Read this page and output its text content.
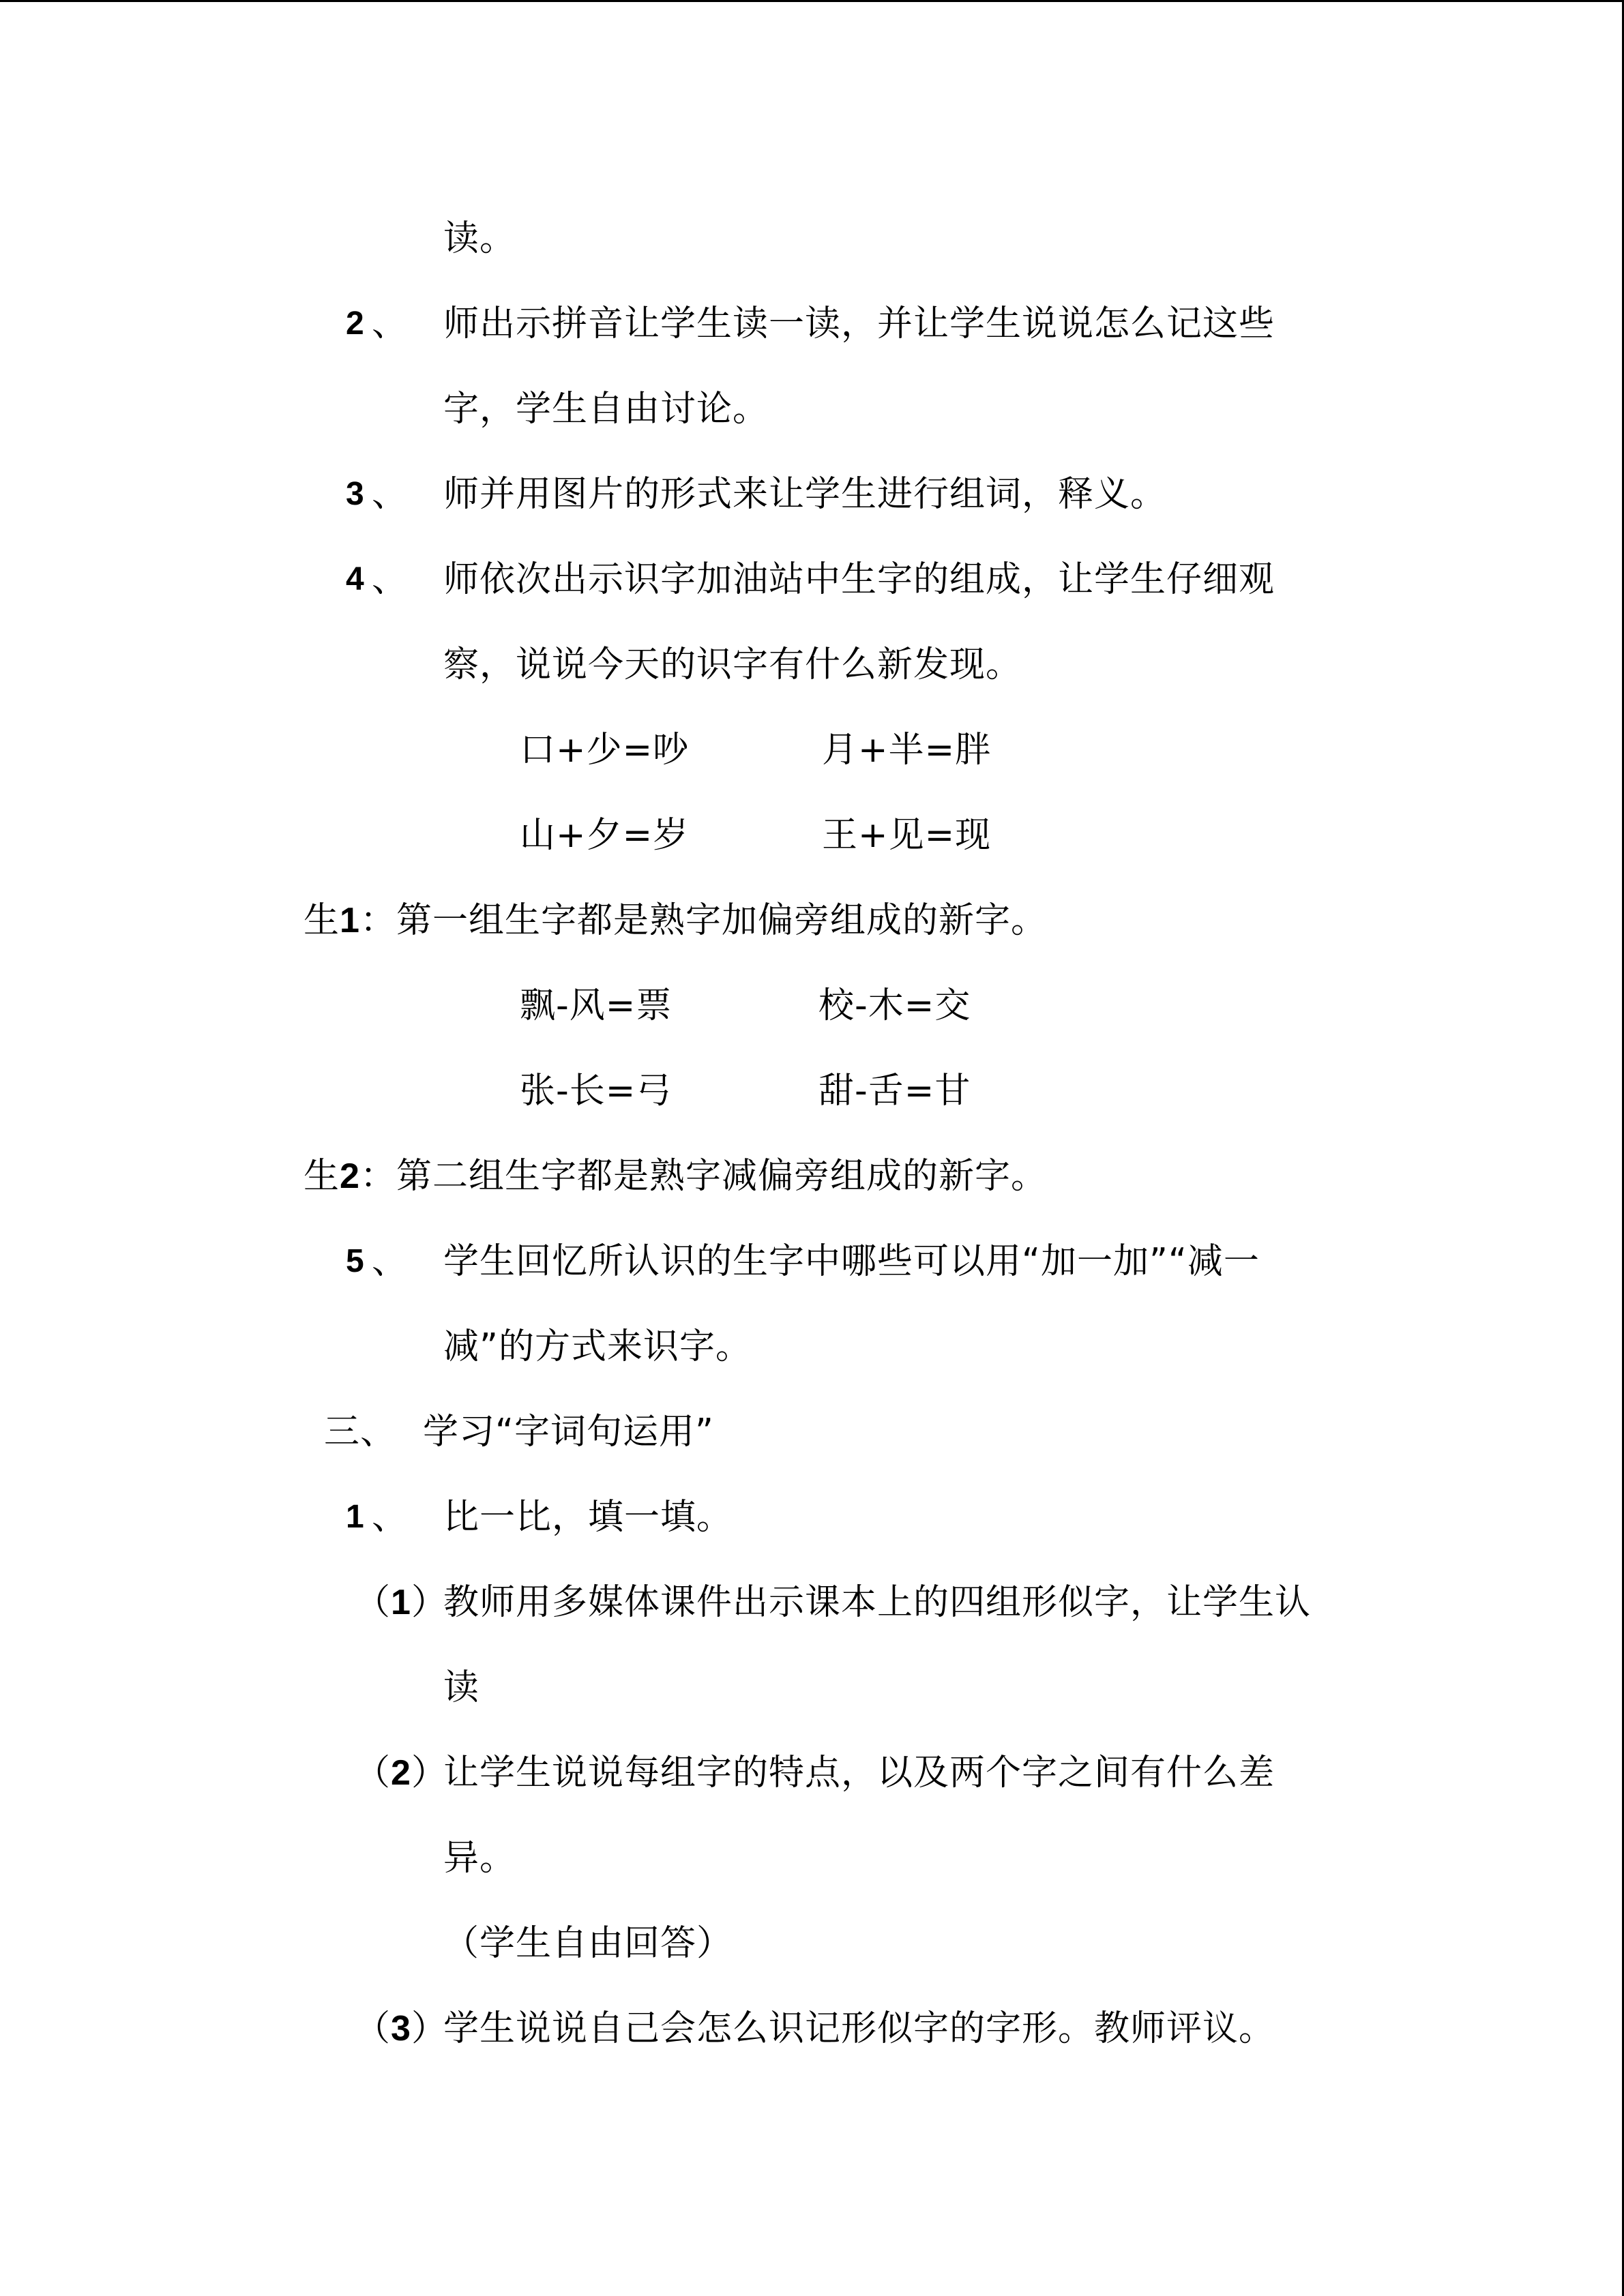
读。
2 、 师出示拼音让学生读一读，并让学生说说怎么记这些
字，学生自由讨论。
3 、 师并用图片的形式来让学生进行组词，释义。
4 、 师依次出示识字加油站中生字的组成，让学生仔细观
察，说说今天的识字有什么新发现。
口+少=吵	月+半=胖
山+夕=岁	王+见=现
生1：第一组生字都是熟字加偏旁组成的新字。
飘-风=票	校-木=交
张-长=弓	甜-舌=甘
生2：第二组生字都是熟字减偏旁组成的新字。
5 、 学生回忆所认识的生字中哪些可以用“加一加”“减一
减”的方式来识字。
三、 学习“字词句运用”
1 、 比一比，填一填。
（1）
教师用多媒体课件出示课本上的四组形似字，让学生认
读
（2）
让学生说说每组字的特点，以及两个字之间有什么差
异。
（学生自由回答）
（3）
学生说说自己会怎么识记形似字的字形。教师评议。
